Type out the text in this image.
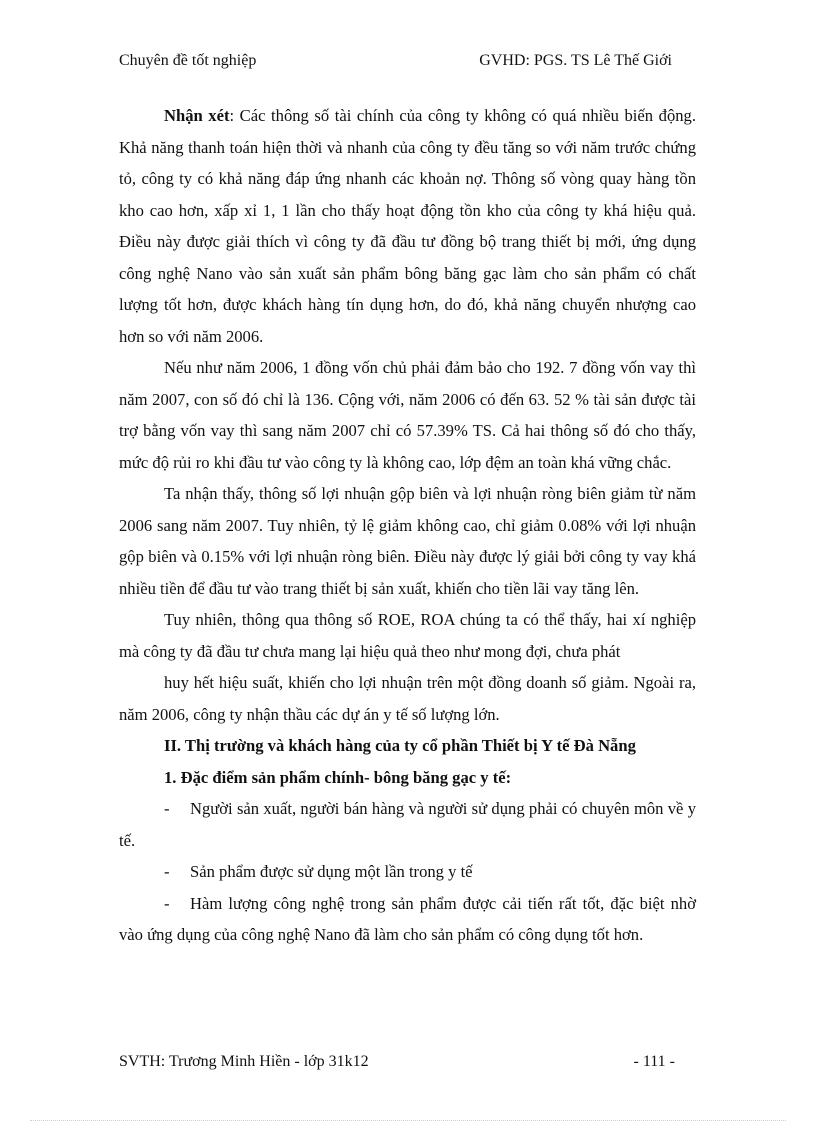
Chuyên đề tốt nghiệp	GVHD: PGS. TS Lê Thế Giới

Nhận xét: Các thông số tài chính của công ty không có quá nhiều biến động. Khả năng thanh toán hiện thời và nhanh của công ty đều tăng so với năm trước chứng tỏ, công ty có khả năng đáp ứng nhanh các khoản nợ. Thông số vòng quay hàng tồn kho cao hơn, xấp xỉ 1, 1 lần cho thấy hoạt động tồn kho của công ty khá hiệu quả. Điều này được giải thích vì công ty đã đầu tư đồng bộ trang thiết bị mới, ứng dụng công nghệ Nano vào sản xuất sản phẩm bông băng gạc làm cho sản phẩm có chất lượng tốt hơn, được khách hàng tín dụng hơn, do đó, khả năng chuyển nhượng cao hơn so với năm 2006.

Nếu như năm 2006, 1 đồng vốn chủ phải đảm bảo cho 192. 7 đồng vốn vay thì năm 2007, con số đó chỉ là 136. Cộng với, năm 2006 có đến 63. 52 % tài sản được tài trợ bằng vốn vay thì sang năm 2007 chỉ có 57.39% TS. Cả hai thông số đó cho thấy, mức độ rủi ro khi đầu tư vào công ty là không cao, lớp đệm an toàn khá vững chắc.

Ta nhận thấy, thông số lợi nhuận gộp biên và lợi nhuận ròng biên giảm từ năm 2006 sang năm 2007. Tuy nhiên, tỷ lệ giảm không cao, chỉ giảm 0.08% với lợi nhuận gộp biên và 0.15% với lợi nhuận ròng biên. Điều này được lý giải bởi công ty vay khá nhiều tiền để đầu tư vào trang thiết bị sản xuất, khiến cho tiền lãi vay tăng lên.

Tuy nhiên, thông qua thông số ROE, ROA chúng ta có thể thấy, hai xí nghiệp mà công ty đã đầu tư chưa mang lại hiệu quả theo như mong đợi, chưa phát

huy hết hiệu suất, khiến cho lợi nhuận trên một đồng doanh số giảm. Ngoài ra, năm 2006, công ty nhận thầu các dự án y tế số lượng lớn.

II. Thị trường và khách hàng của ty cổ phần Thiết bị Y tế Đà Nẵng

1. Đặc điểm sản phẩm chính- bông băng gạc y tế:

- Người sản xuất, người bán hàng và người sử dụng phải có chuyên môn về y tế.

- Sản phẩm được sử dụng một lần trong y tế

- Hàm lượng công nghệ trong sản phẩm được cải tiến rất tốt, đặc biệt nhờ vào ứng dụng của công nghệ Nano đã làm cho sản phẩm có công dụng tốt hơn.

SVTH: Trương Minh Hiền - lớp 31k12	- 111 -
